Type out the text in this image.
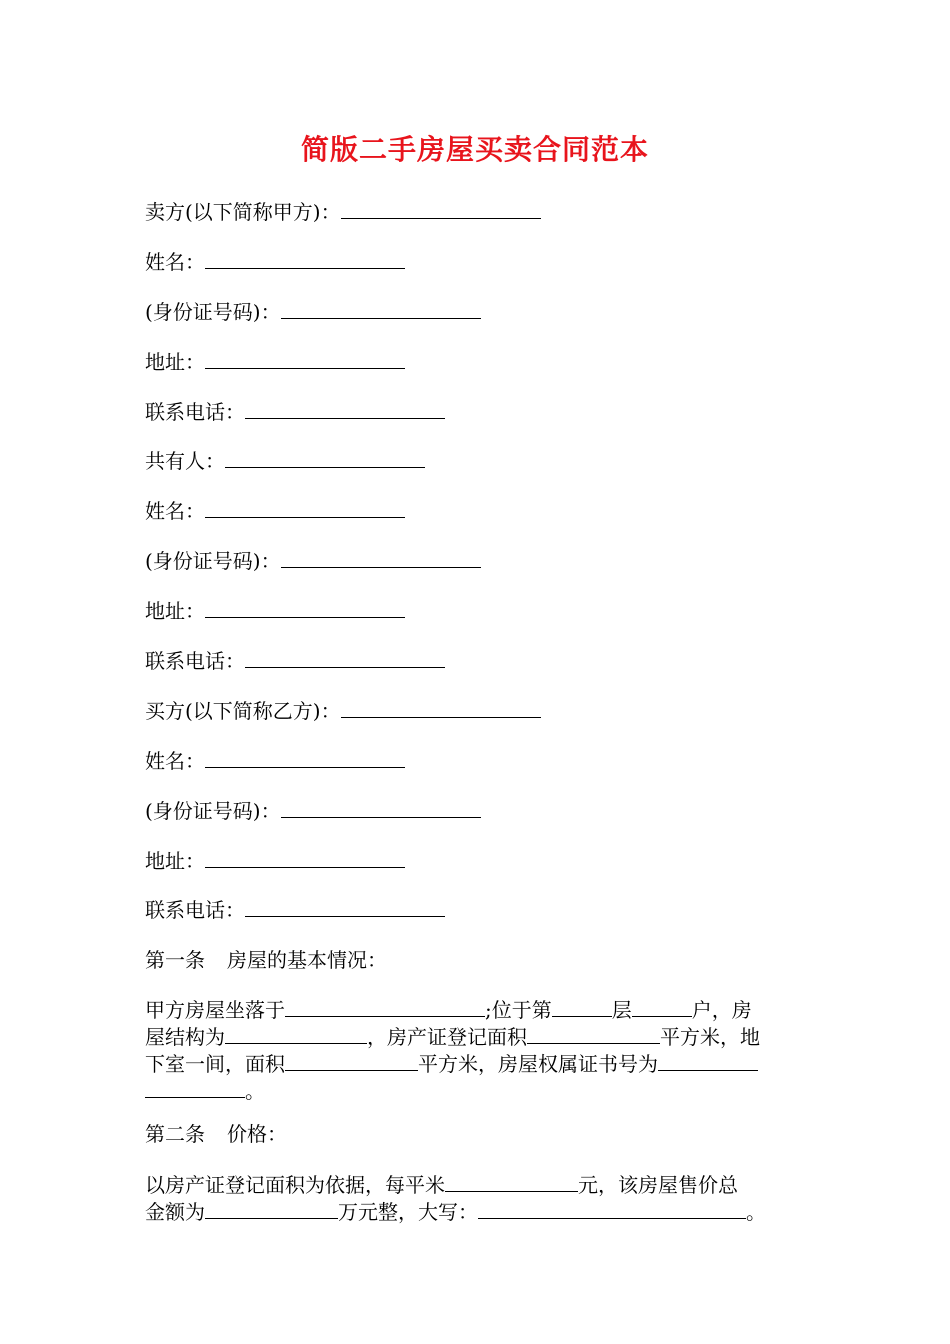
简版二手房屋买卖合同范本
卖方(以下简称甲方)：
姓名：
(身份证号码)：
地址：
联系电话：
共有人：
姓名：
(身份证号码)：
地址：
联系电话：
买方(以下简称乙方)：
姓名：
(身份证号码)：
地址：
联系电话：
第一条 房屋的基本情况：
甲方房屋坐落于	;位于第	层	户，房
屋结构为	，房产证登记面积	平方米，地
下室一间，面积	平方米，房屋权属证书号为
。
第二条 价格：
以房产证登记面积为依据，每平米	元，该房屋售价总
金额为	万元整，大写：	。
